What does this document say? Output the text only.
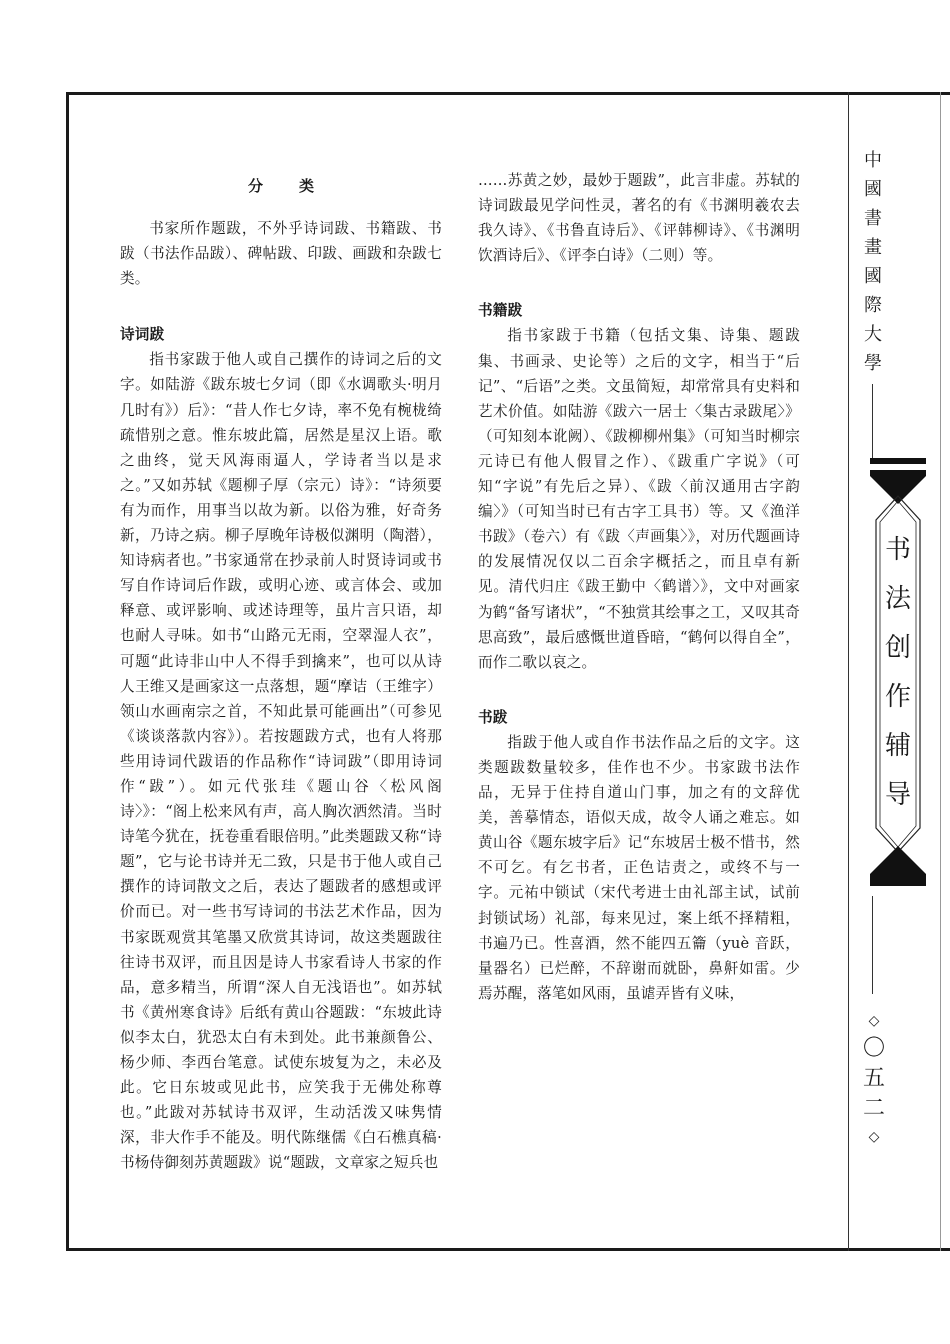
分类

书家所作题跋，不外乎诗词跋、书籍跋、书跋（书法作品跋）、碑帖跋、印跋、画跋和杂跋七类。

诗词跋

指书家跋于他人或自己撰作的诗词之后的文字。如陆游《跋东坡七夕词（即《水调歌头·明月几时有》）后》：“昔人作七夕诗，率不免有椀栊绮疏惜别之意。惟东坡此篇，居然是星汉上语。歌之曲终，觉天风海雨逼人，学诗者当以是求之。”又如苏轼《题柳子厚（宗元）诗》：“诗须要有为而作，用事当以故为新。以俗为雅，好奇务新，乃诗之病。柳子厚晚年诗极似渊明（陶潜），知诗病者也。”书家通常在抄录前人时贤诗词或书写自作诗词后作跋，或明心迹、或言体会、或加释意、或评影响、或述诗理等，虽片言只语，却也耐人寻味。如书“山路元无雨，空翠湿人衣”，可题“此诗非山中人不得手到擒来”，也可以从诗人王维又是画家这一点落想，题“摩诘（王维字）领山水画南宗之首，不知此景可能画出”（可参见《谈谈落款内容》）。若按题跋方式，也有人将那些用诗词代跋语的作品称作“诗词跋”（即用诗词作“跋”）。如元代张珪《题山谷〈松风阁诗〉》：“阁上松来风有声，高人胸次洒然清。当时诗笔今犹在，抚卷重看眼倍明。”此类题跋又称“诗题”，它与论书诗并无二致，只是书于他人或自己撰作的诗词散文之后，表达了题跋者的感想或评价而已。对一些书写诗词的书法艺术作品，因为书家既观赏其笔墨又欣赏其诗词，故这类题跋往往诗书双评，而且因是诗人书家看诗人书家的作品，意多精当，所谓“深人自无浅语也”。如苏轼书《黄州寒食诗》后纸有黄山谷题跋：“东坡此诗似李太白，犹恐太白有未到处。此书兼颜鲁公、杨少师、李西台笔意。试使东坡复为之，未必及此。它日东坡或见此书，应笑我于无佛处称尊也。”此跋对苏轼诗书双评，生动活泼又味隽情深，非大作手不能及。明代陈继儒《白石樵真稿·书杨侍御刻苏黄题跋》说“题跋，文章家之短兵也

……苏黄之妙，最妙于题跋”，此言非虚。苏轼的诗词跋最见学问性灵，著名的有《书渊明羲农去我久诗》、《书鲁直诗后》、《评韩柳诗》、《书渊明饮酒诗后》、《评李白诗》（二则）等。

书籍跋

指书家跋于书籍（包括文集、诗集、题跋集、书画录、史论等）之后的文字，相当于“后记”、“后语”之类。文虽简短，却常常具有史料和艺术价值。如陆游《跋六一居士〈集古录跋尾〉》（可知刻本讹阙）、《跋柳柳州集》（可知当时柳宗元诗已有他人假冒之作）、《跋重广字说》（可知“字说”有先后之异）、《跋〈前汉通用古字韵编〉》（可知当时已有古字工具书）等。又《渔洋书跋》（卷六）有《跋〈声画集〉》，对历代题画诗的发展情况仅以二百余字概括之，而且卓有新见。清代归庄《跋王勤中〈鹤谱〉》，文中对画家为鹤“备写诸状”，“不独赏其绘事之工，又叹其奇思高致”，最后感慨世道昏暗，“鹤何以得自全”，而作二歌以哀之。

书跋

指跋于他人或自作书法作品之后的文字。这类题跋数量较多，佳作也不少。书家跋书法作品，无异于住持自道山门事，加之有的文辞优美，善摹情态，语似天成，故令人诵之难忘。如黄山谷《题东坡字后》记“东坡居士极不惜书，然不可乞。有乞书者，正色诘责之，或终不与一字。元祐中锁试（宋代考进士由礼部主试，试前封锁试场）礼部，每来见过，案上纸不择精粗，书遍乃已。性喜酒，然不能四五籥（yuè 音跃，量器名）已烂醉，不辞谢而就卧，鼻鼾如雷。少焉苏醒，落笔如风雨，虽谑弄皆有义味，

中
國
書
畫
國
際
大
學
书
法
创
作
辅
导
◇
〇
五
二
◇
